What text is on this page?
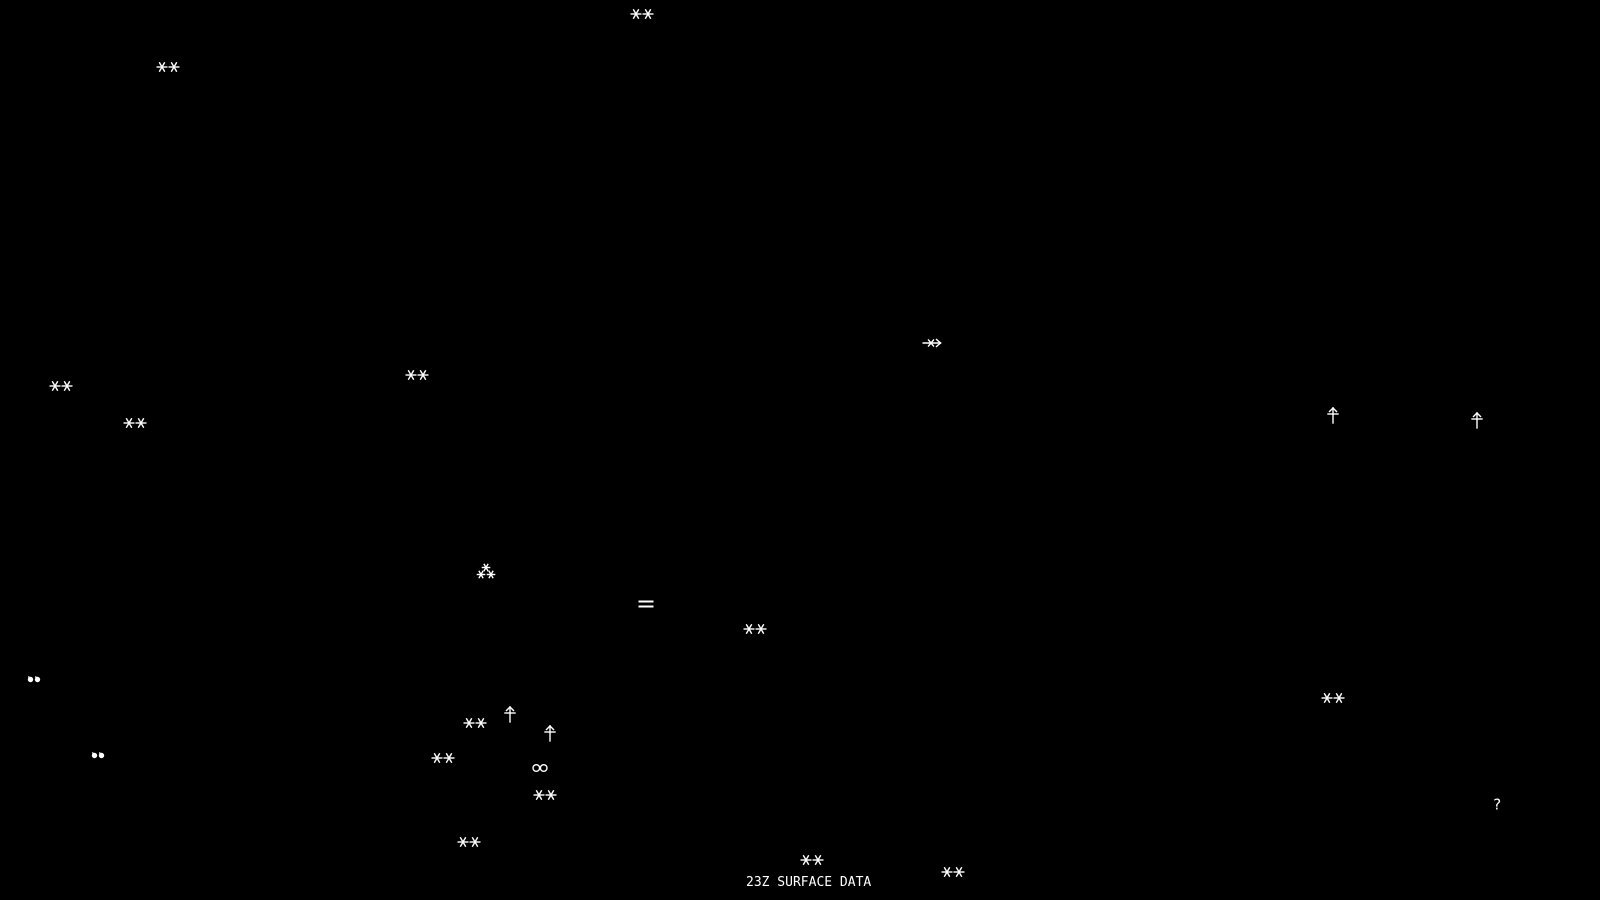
?
23Z SURFACE DATA
